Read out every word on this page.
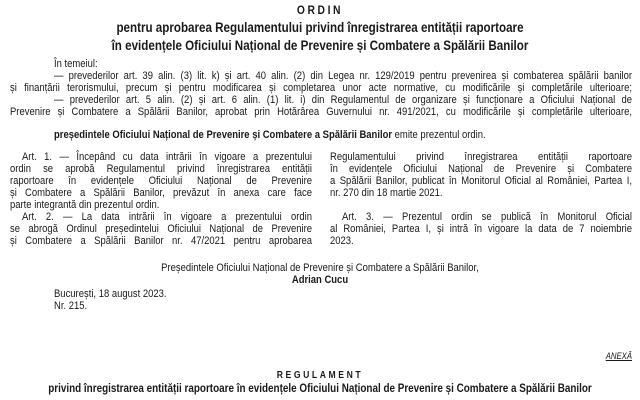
ORDIN
pentru aprobarea Regulamentului privind înregistrarea entității raportoare
în evidențele Oficiului Național de Prevenire și Combatere a Spălării Banilor
În temeiul:
— prevederilor art. 39 alin. (3) lit. k) și art. 40 alin. (2) din Legea nr. 129/2019 pentru prevenirea și combaterea spălării banilor
și finanțării terorismului, precum și pentru modificarea și completarea unor acte normative, cu modificările și completările ulterioare;
— prevederilor art. 5 alin. (2) și art. 6 alin. (1) lit. i) din Regulamentul de organizare și funcționare a Oficiului Național de
Prevenire și Combatere a Spălării Banilor, aprobat prin Hotărârea Guvernului nr. 491/2021, cu modificările și completările ulterioare,
președintele Oficiului Național de Prevenire și Combatere a Spălării Banilor emite prezentul ordin.
Art. 1. — Începând cu data intrării în vigoare a prezentului
ordin se aprobă Regulamentul privind înregistrarea entității
raportoare în evidențele Oficiului Național de Prevenire
și Combatere a Spălării Banilor, prevăzut în anexa care face
parte integrantă din prezentul ordin.
Art. 2. — La data intrării în vigoare a prezentului ordin
se abrogă Ordinul președintelui Oficiului Național de Prevenire
și Combatere a Spălării Banilor nr. 47/2021 pentru aprobarea
Regulamentului privind înregistrarea entității raportoare
în evidențele Oficiului Național de Prevenire și Combatere
a Spălării Banilor, publicat în Monitorul Oficial al României, Partea I,
nr. 270 din 18 martie 2021.
Art. 3. — Prezentul ordin se publică în Monitorul Oficial
al României, Partea I, și intră în vigoare la data de 7 noiembrie
2023.
Președintele Oficiului Național de Prevenire și Combatere a Spălării Banilor,
Adrian Cucu
București, 18 august 2023.
Nr. 215.
ANEXĂ
REGULAMENT
privind înregistrarea entității raportoare în evidențele Oficiului Național de Prevenire și Combatere a Spălării Banilor
